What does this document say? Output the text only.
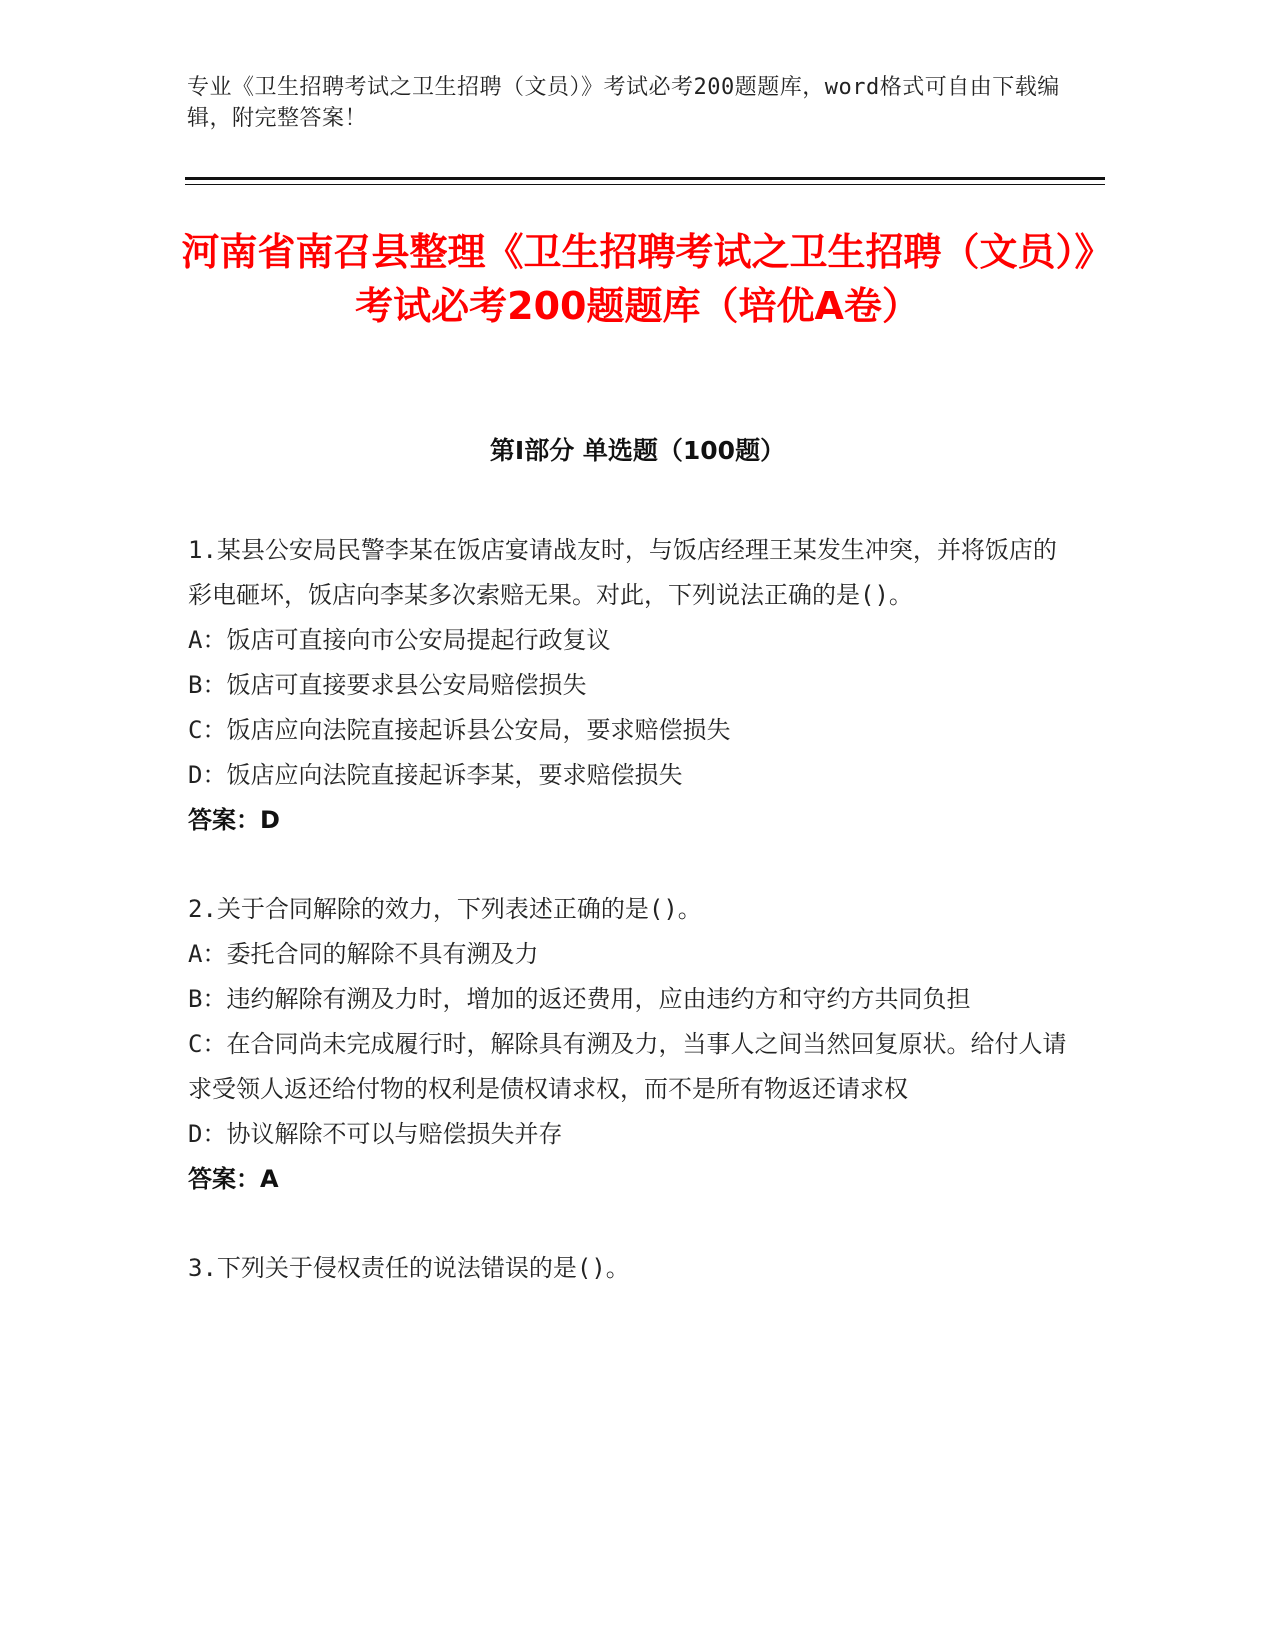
专业《卫生招聘考试之卫生招聘（文员）》考试必考200题题库，word格式可自由下载编辑，附完整答案！
河南省南召县整理《卫生招聘考试之卫生招聘（文员）》考试必考200题题库（培优A卷）
第Ⅰ部分 单选题（100题）

1.某县公安局民警李某在饭店宴请战友时，与饭店经理王某发生冲突，并将饭店的彩电砸坏，饭店向李某多次索赔无果。对此，下列说法正确的是()。

A：饭店可直接向市公安局提起行政复议

B：饭店可直接要求县公安局赔偿损失

C：饭店应向法院直接起诉县公安局，要求赔偿损失

D：饭店应向法院直接起诉李某，要求赔偿损失

答案：D

2.关于合同解除的效力，下列表述正确的是()。

A：委托合同的解除不具有溯及力

B：违约解除有溯及力时，增加的返还费用，应由违约方和守约方共同负担

C：在合同尚未完成履行时，解除具有溯及力，当事人之间当然回复原状。给付人请求受领人返还给付物的权利是债权请求权，而不是所有物返还请求权

D：协议解除不可以与赔偿损失并存

答案：A

3.下列关于侵权责任的说法错误的是()。
